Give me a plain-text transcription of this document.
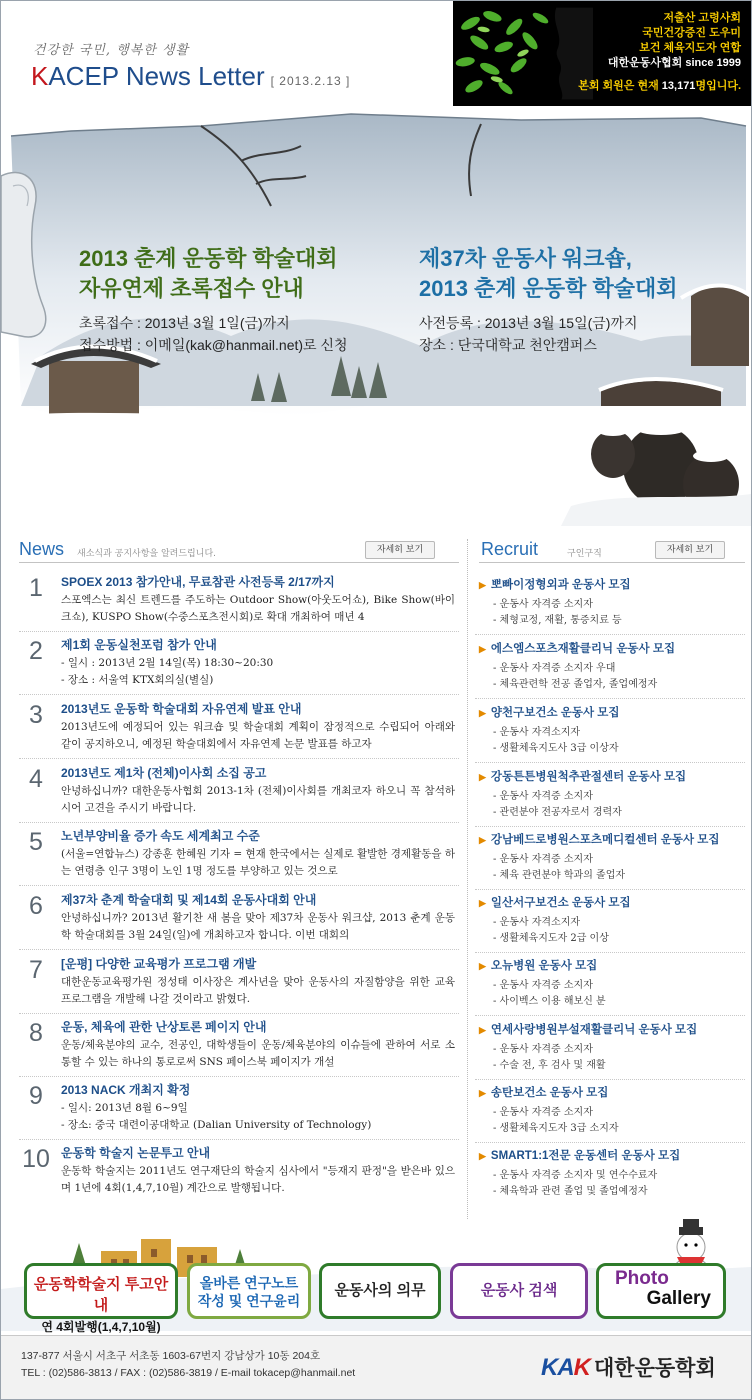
건강한 국민, 행복한 생활
KACEP News Letter [ 2013.2.13 ]
저출산 고령사회
국민건강증진 도우미
보건 체육지도자 연합
대한운동사협회 since 1999
본회 회원은 현재 13,171명입니다.
2013 춘계 운동학 학술대회
자유연제 초록접수 안내
초록접수 : 2013년 3월 1일(금)까지
접수방법 : 이메일(kak@hanmail.net)로 신청
제37차 운동사 워크숍,
2013 춘계 운동학 학술대회
사전등록 : 2013년 3월 15일(금)까지
장소 : 단국대학교 천안캠퍼스
News 새소식과 공지사항을 알려드립니다.	자세히 보기	Recruit	구인구직	자세히 보기
1	SPOEX 2013 참가안내, 무료참관 사전등록 2/17까지
스포엑스는 최신 트렌드를 주도하는 Outdoor Show(아웃도어쇼), Bike Show(바이크쇼), KUSPO Show(수중스포츠전시회)로 확대 개최하여 매년 4
2	제1회 운동실천포럼 참가 안내
- 일시 : 2013년 2월 14일(목) 18:30~20:30
- 장소 : 서울역 KTX회의실(별실)
3	2013년도 운동학 학술대회 자유연제 발표 안내
2013년도에 예정되어 있는 워크숍 및 학술대회 계획이 잠정적으로 수립되어 아래와 같이 공지하오니, 예정된 학술대회에서 자유연제 논문 발표를 하고자
4	2013년도 제1차 (전체)이사회 소집 공고
안녕하십니까? 대한운동사협회 2013-1차 (전체)이사회를 개최코자 하오니 꼭 참석하시어 고견을 주시기 바랍니다.
5	노년부양비율 증가 속도 세계최고 수준
(서울=연합뉴스) 강종훈 한혜원 기자 = 현재 한국에서는 실제로 활발한 경제활동을 하는 연령층 인구 3명이 노인 1명 정도를 부양하고 있는 것으로
6	제37차 춘계 학술대회 및 제14회 운동사대회 안내
안녕하십니까? 2013년 활기찬 새 봄을 맞아 제37차 운동사 워크샵, 2013 춘계 운동학 학술대회를 3월 24일(일)에 개최하고자 합니다. 이번 대회의
7	[운평] 다양한 교육평가 프로그램 개발
대한운동교육평가원 정성태 이사장은 계사년을 맞아 운동사의 자질함양을 위한 교육 프로그램을 개발해 나갈 것이라고 밝혔다.
8	운동, 체육에 관한 난상토론 페이지 안내
운동/체육분야의 교수, 전공인, 대학생들이 운동/체육분야의 이슈들에 관하여 서로 소통할 수 있는 하나의 통로로써 SNS 페이스북 페이지가 개설
9	2013 NACK 개최지 확정
- 일시: 2013년 8월 6~9일
- 장소: 중국 대련이공대학교 (Dalian University of Technology)
10 운동학 학술지 논문투고 안내
운동학 학술지는 2011년도 연구재단의 학술지 심사에서 "등재지 판정"을 받은바 있으며 1년에 4회(1,4,7,10월) 계간으로 발행됩니다.
▶ 뽀빠이정형외과 운동사 모집
- 운동사 자격증 소지자
- 체형교정, 재활, 통증치료 등
▶ 에스엠스포츠재활클리닉 운동사 모집
- 운동사 자격증 소지자 우대
- 체육관련학 전공 졸업자, 졸업예정자
▶ 양천구보건소 운동사 모집
- 운동사 자격소지자
- 생활체육지도사 3급 이상자
▶ 강동튼튼병원척추관절센터 운동사 모집
- 운동사 자격증 소지자
- 관련분야 전공자로서 경력자
▶ 강남베드로병원스포츠메디컬센터 운동사 모집
- 운동사 자격증 소지자
- 체육 관련분야 학과의 졸업자
▶ 일산서구보건소 운동사 모집
- 운동사 자격소지자
- 생활체육지도자 2급 이상
▶ 오뉴병원 운동사 모집
- 운동사 자격증 소지자
- 사이벡스 이용 해보신 분
▶ 연세사랑병원부설재활클리닉 운동사 모집
- 운동사 자격증 소지자
- 수술 전, 후 검사 및 재활
▶ 송탄보건소 운동사 모집
- 운동사 자격증 소지자
- 생활체육지도자 3급 소지자
▶ SMART1:1전문 운동센터 운동사 모집
- 운동사 자격증 소지자 및 연수수료자
- 체육학과 관련 졸업 및 졸업예정자
운동학학술지 투고안내
연 4회발행(1,4,7,10월)
올바른 연구노트
작성 및 연구윤리
운동사의 의무	운동사 검색
Photo
Gallery
137-877 서울시 서초구 서초동 1603-67번지 강남상가 10동 204호
TEL : (02)586-3813 / FAX : (02)586-3819 / E-mail tokacep@hanmail.net	KAK 대한운동학회
